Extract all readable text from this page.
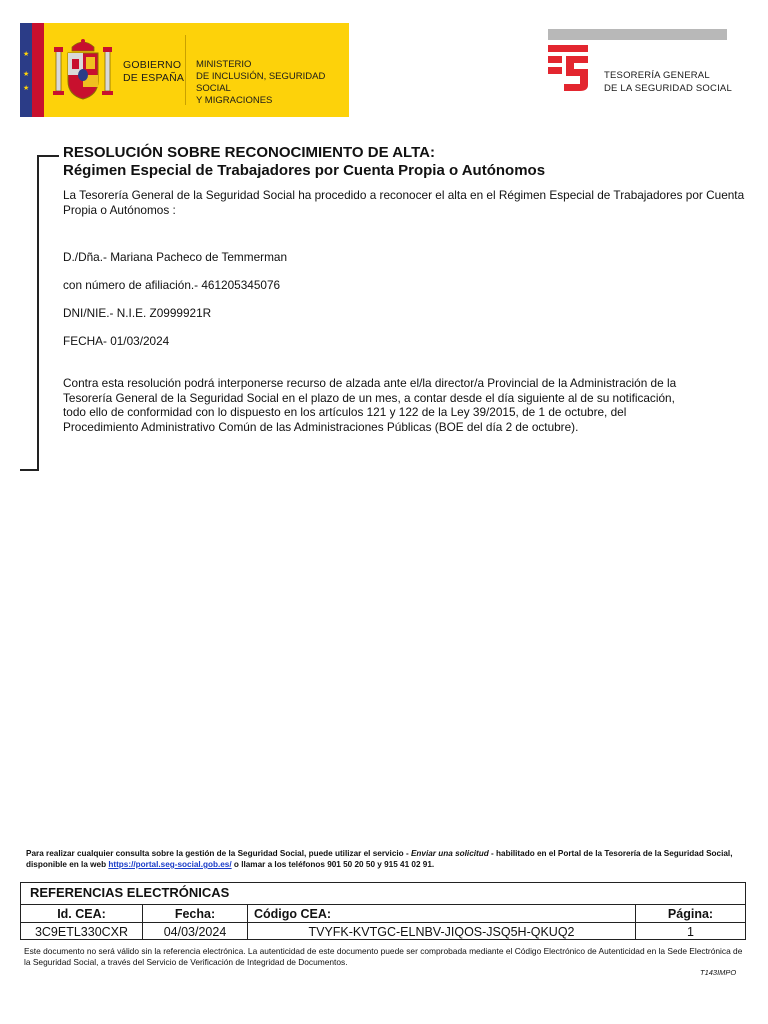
★
★
★
GOBIERNO
DE ESPAÑA
MINISTERIO
DE INCLUSIÓN, SEGURIDAD SOCIAL
Y MIGRACIONES
TESORERÍA GENERAL
DE LA SEGURIDAD SOCIAL
RESOLUCIÓN SOBRE RECONOCIMIENTO DE ALTA:
Régimen Especial de Trabajadores por Cuenta Propia o Autónomos
La Tesorería General de la Seguridad Social ha procedido a reconocer el alta en el Régimen Especial de Trabajadores por Cuenta
Propia o Autónomos :
D./Dña.- Mariana Pacheco de Temmerman
con número de afiliación.- 461205345076
DNI/NIE.- N.I.E. Z0999921R
FECHA- 01/03/2024
Contra esta resolución podrá interponerse recurso de alzada ante el/la director/a Provincial de la Administración de la
Tesorería General de la Seguridad Social en el plazo de un mes, a contar desde el día siguiente al de su notificación,
todo ello de conformidad con lo dispuesto en los artículos 121 y 122 de la Ley 39/2015, de 1 de octubre, del
Procedimiento Administrativo Común de las Administraciones Públicas (BOE del día 2 de octubre).
Para realizar cualquier consulta sobre la gestión de la Seguridad Social, puede utilizar el servicio - Enviar una solicitud - habilitado en el Portal de la Tesorería de la Seguridad Social, disponible en la web https://portal.seg-social.gob.es/ o llamar a los teléfonos 901 50 20 50 y 915 41 02 91.
REFERENCIAS ELECTRÓNICAS
Id. CEA:	Fecha:	Código CEA:	Página:
3C9ETL330CXR	04/03/2024	TVYFK-KVTGC-ELNBV-JIQOS-JSQ5H-QKUQ2	1
Este documento no será válido sin la referencia electrónica. La autenticidad de este documento puede ser comprobada mediante el Código Electrónico de Autenticidad en la Sede Electrónica de la Seguridad Social, a través del Servicio de Verificación de Integridad de Documentos.
T143IMPO
